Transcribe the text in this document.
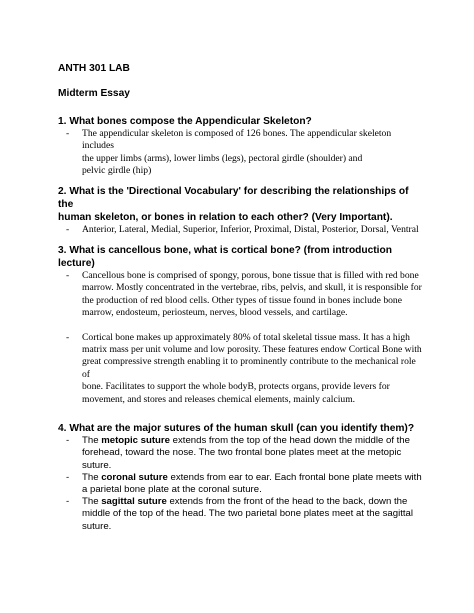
ANTH 301 LAB

Midterm Essay

1. What bones compose the Appendicular Skeleton?

- The appendicular skeleton is composed of 126 bones. The appendicular skeleton includes
the upper limbs (arms), lower limbs (legs), pectoral girdle (shoulder) and
pelvic girdle (hip)
2. What is the 'Directional Vocabulary' for describing the relationships of the
human skeleton, or bones in relation to each other? (Very Important).
- Anterior, Lateral, Medial, Superior, Inferior, Proximal, Distal, Posterior, Dorsal, Ventral

3. What is cancellous bone, what is cortical bone? (from introduction lecture)

- Cancellous bone is comprised of spongy, porous, bone tissue that is filled with red bone
marrow. Mostly concentrated in the vertebrae, ribs, pelvis, and skull, it is responsible for
the production of red blood cells. Other types of tissue found in bones include bone
marrow, endosteum, periosteum, nerves, blood vessels, and cartilage.
- Cortical bone makes up approximately 80% of total skeletal tissue mass. It has a high
matrix mass per unit volume and low porosity. These features endow Cortical Bone with
great compressive strength enabling it to prominently contribute to the mechanical role of
bone. Facilitates to support the whole bodyB, protects organs, provide levers for
movement, and stores and releases chemical elements, mainly calcium.

4. What are the major sutures of the human skull (can you identify them)?

- The metopic suture extends from the top of the head down the middle of the
forehead, toward the nose. The two frontal bone plates meet at the metopic
suture.
- The coronal suture extends from ear to ear. Each frontal bone plate meets with
a parietal bone plate at the coronal suture.
- The sagittal suture extends from the front of the head to the back, down the
middle of the top of the head. The two parietal bone plates meet at the sagittal
suture.
